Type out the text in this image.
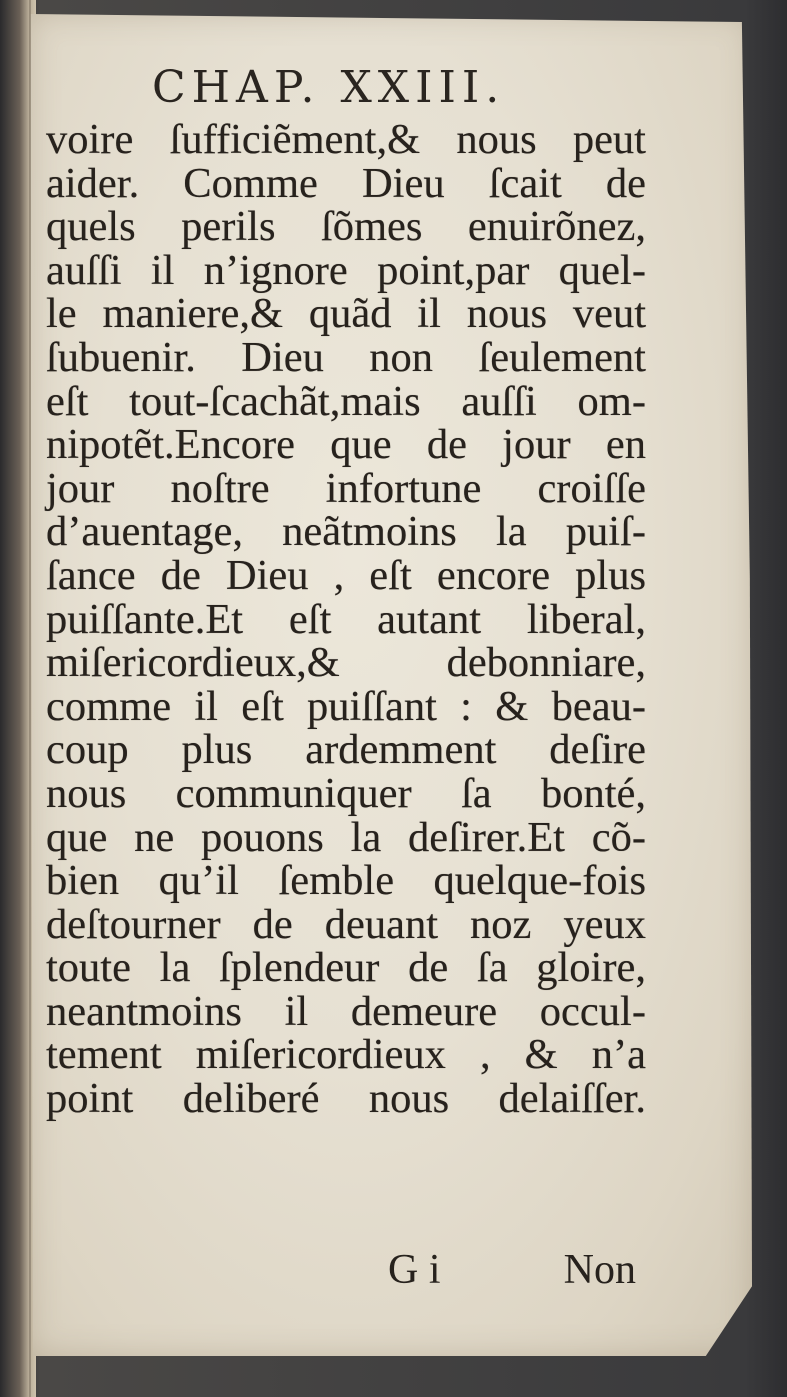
CHAP. XXIII.
voire ſufficiẽment,& nous peut
aider. Comme Dieu ſcait de
quels perils ſõmes enuirõnez,
auſſi il n’ignore point,par quel-
le maniere,& quãd il nous veut
ſubuenir. Dieu non ſeulement
eſt tout-ſcachãt,mais auſſi om-
nipotẽt.Encore que de jour en
jour noſtre infortune croiſſe
d’auentage, neãtmoins la puiſ-
ſance de Dieu , eſt encore plus
puiſſante.Et eſt autant liberal,
miſericordieux,& debonniare,
comme il eſt puiſſant : & beau-
coup plus ardemment deſire
nous communiquer ſa bonté,
que ne pouons la deſirer.Et cõ-
bien qu’il ſemble quelque-fois
deſtourner de deuant noz yeux
toute la ſplendeur de ſa gloire,
neantmoins il demeure occul-
tement miſericordieux , & n’a
point deliberé nous delaiſſer.
G i	Non
